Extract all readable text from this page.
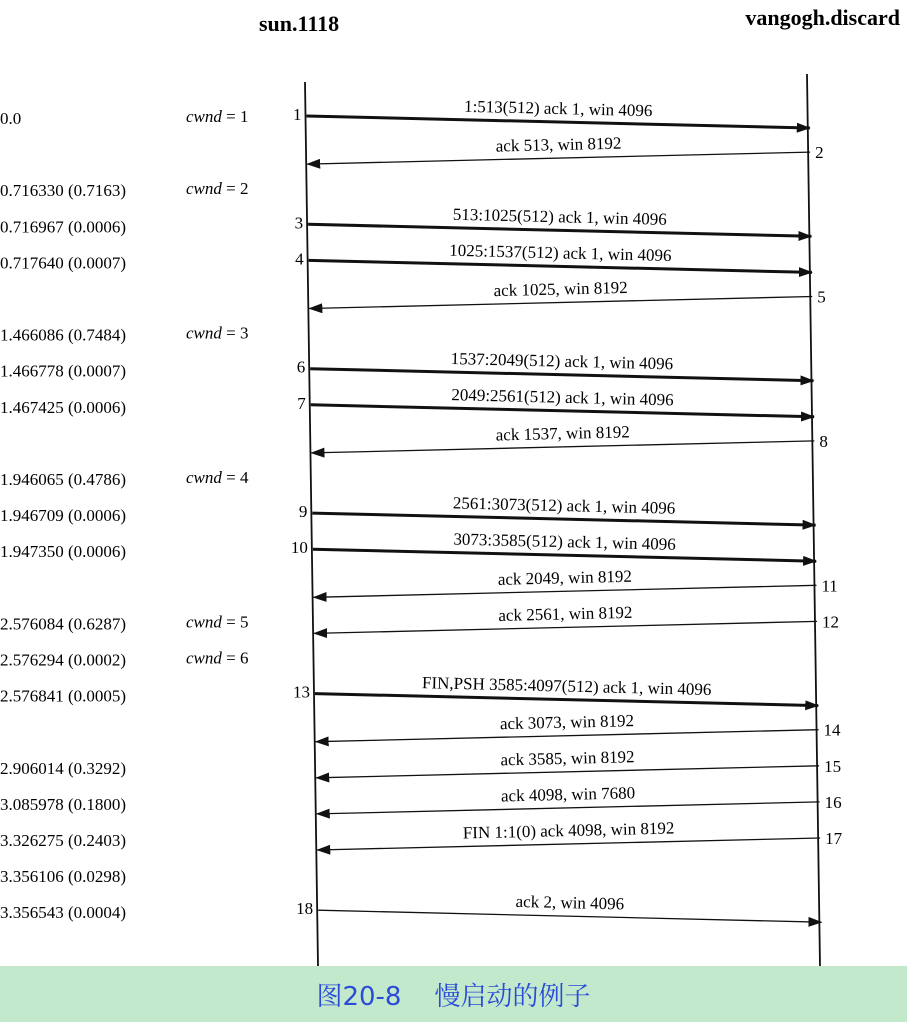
sun.1118	vangogh.discard
0.0	cwnd = 1	1:513(512) ack 1, win 4096
1
ack 513, win 8192	2
0.716330 (0.7163)	cwnd = 2
0.716967 (0.0006)	513:1025(512) ack 1, win 4096
3
0.717640 (0.0007)	1025:1537(512) ack 1, win 4096
4
ack 1025, win 8192	5
1.466086 (0.7484)	cwnd = 3
1.466778 (0.0007)	1537:2049(512) ack 1, win 4096
6
1.467425 (0.0006)	2049:2561(512) ack 1, win 4096
7
ack 1537, win 8192	8
1.946065 (0.4786)	cwnd = 4
1.946709 (0.0006)	2561:3073(512) ack 1, win 4096
9
1.947350 (0.0006)	3073:3585(512) ack 1, win 4096
10
ack 2049, win 8192	11
2.576084 (0.6287)	cwnd = 5	ack 2561, win 8192	12
2.576294 (0.0002)	cwnd = 6
2.576841 (0.0005)	FIN,PSH 3585:4097(512) ack 1, win 4096
13
ack 3073, win 8192	14
2.906014 (0.3292)	ack 3585, win 8192	15
3.085978 (0.1800)	ack 4098, win 7680	16
3.326275 (0.2403)	FIN 1:1(0) ack 4098, win 8192	17
3.356106 (0.0298)
3.356543 (0.0004)	ack 2, win 4096
18
图20-8
慢启动的例子
